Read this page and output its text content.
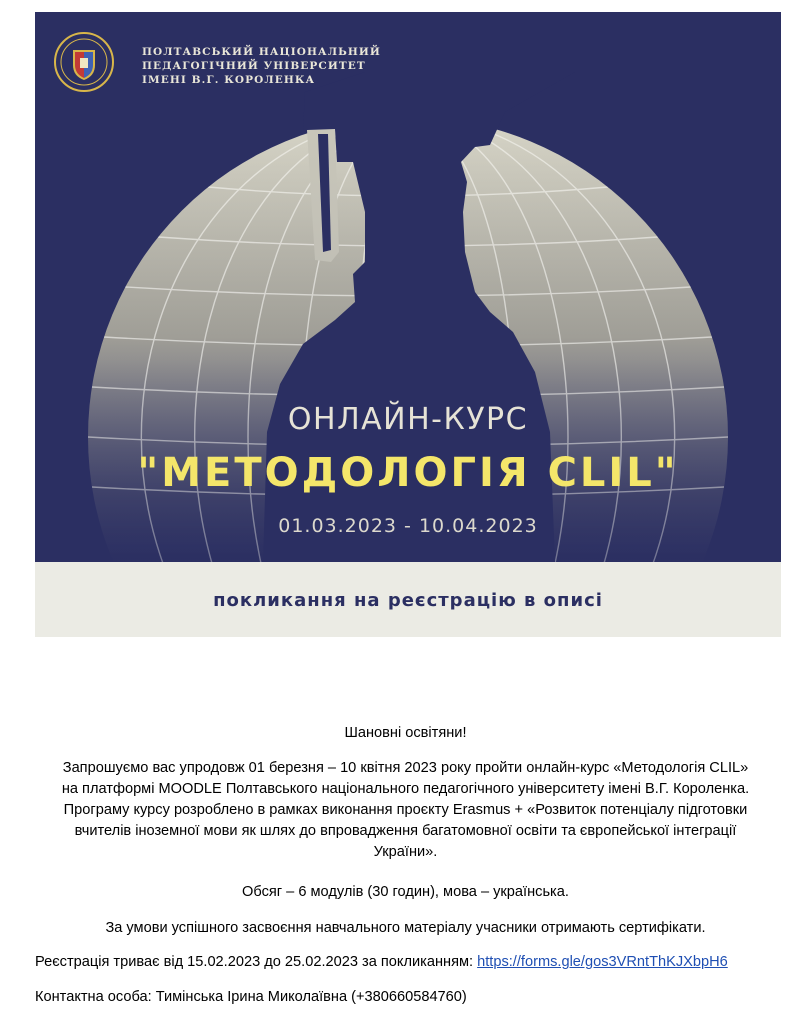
ПОЛТАВСЬКИЙ НАЦІОНАЛЬНИЙ
ПЕДАГОГІЧНИЙ УНІВЕРСИТЕТ
ІМЕНІ В.Г. КОРОЛЕНКА
ОНЛАЙН-КУРС
"МЕТОДОЛОГІЯ CLIL"
01.03.2023 - 10.04.2023
покликання на реєстрацію в описі
Шановні освітяни!
Запрошуємо вас упродовж 01 березня – 10 квітня 2023 року пройти онлайн-курс «Методологія CLIL»
на платформі MOODLE Полтавського національного педагогічного університету імені В.Г. Короленка.
Програму курсу розроблено в рамках виконання проєкту Erasmus + «Розвиток потенціалу підготовки
вчителів іноземної мови як шлях до впровадження багатомовної освіти та європейської інтеграції
України».
Обсяг – 6 модулів (30 годин), мова – українська.
За умови успішного засвоєння навчального матеріалу учасники отримають сертифікати.
Реєстрація триває від 15.02.2023 до 25.02.2023 за покликанням: https://forms.gle/gos3VRntThKJXbpH6
Контактна особа: Тимінська Ірина Миколаївна (+380660584760)
